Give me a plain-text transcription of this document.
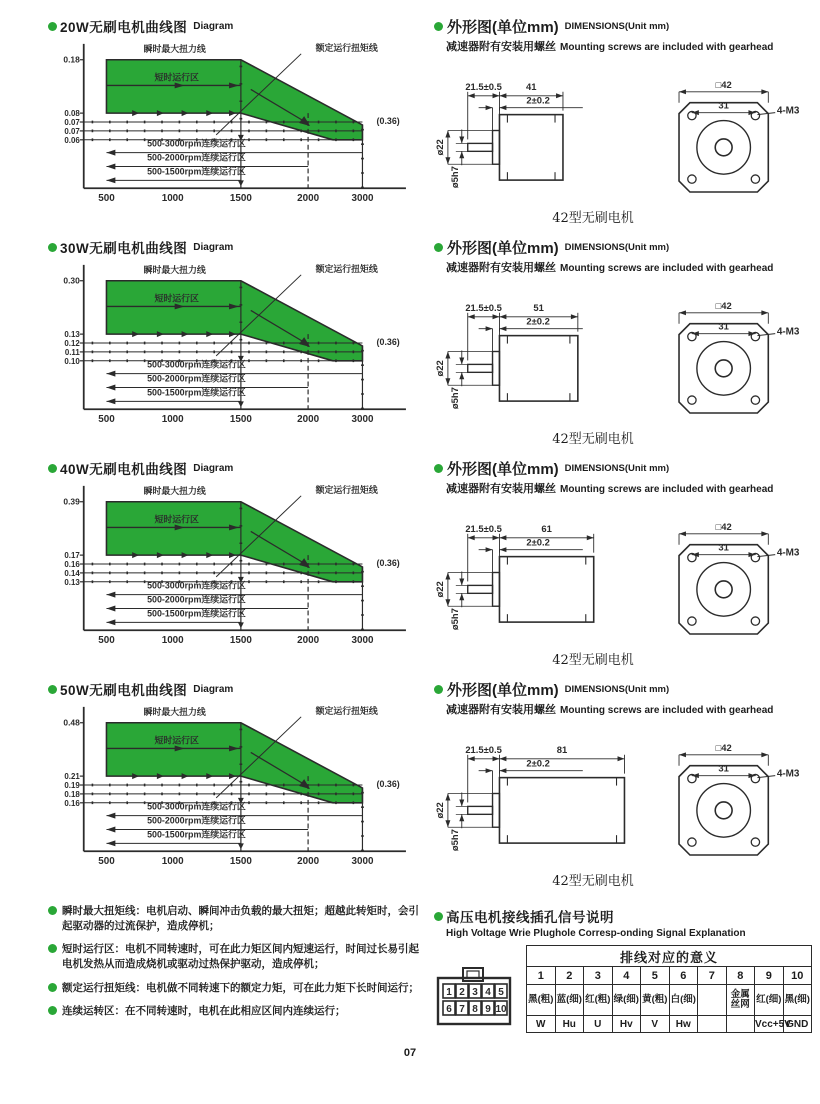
20W无刷电机曲线图 Diagram
瞬时最大扭力线
短时运行区
额定运行扭矩线
(0.36)
500-3000rpm连续运行区
500-2000rpm连续运行区
500-1500rpm连续运行区
500	1000	1500	2000	3000
0.18
0.08
0.07
0.07
0.06
30W无刷电机曲线图 Diagram
瞬时最大扭力线
短时运行区
额定运行扭矩线
(0.36)
500-3000rpm连续运行区
500-2000rpm连续运行区
500-1500rpm连续运行区
500	1000	1500	2000	3000
0.30
0.13
0.12
0.11
0.10
40W无刷电机曲线图 Diagram
瞬时最大扭力线
短时运行区
额定运行扭矩线
(0.36)
500-3000rpm连续运行区
500-2000rpm连续运行区
500-1500rpm连续运行区
500	1000	1500	2000	3000
0.39
0.17
0.16
0.14
0.13
50W无刷电机曲线图 Diagram
瞬时最大扭力线
短时运行区
额定运行扭矩线
(0.36)
500-3000rpm连续运行区
500-2000rpm连续运行区
500-1500rpm连续运行区
500	1000	1500	2000	3000
0.48
0.21
0.19
0.18
0.16
瞬时最大扭矩线：电机启动、瞬间冲击负载的最大扭矩；超越此转矩时，会引起驱动器的过流保护，造成停机；
短时运行区：电机不同转速时，可在此力矩区间内短速运行，时间过长易引起电机发热从而造成烧机或驱动过热保护驱动，造成停机；
额定运行扭矩线：电机做不同转速下的额定力矩，可在此力矩下长时间运行；
连续运转区：在不同转速时，电机在此相应区间内连续运行；
外形图(单位mm) DIMENSIONS(Unit mm)
减速器附有安装用螺丝 Mounting screws are included with gearhead
21.5±0.5	41
2±0.2
ø22
ø5h7
□42
31
4-M3
42型无刷电机
外形图(单位mm) DIMENSIONS(Unit mm)
减速器附有安装用螺丝 Mounting screws are included with gearhead
21.5±0.5	51
2±0.2
ø22
ø5h7
□42
31
4-M3
42型无刷电机
外形图(单位mm) DIMENSIONS(Unit mm)
减速器附有安装用螺丝 Mounting screws are included with gearhead
21.5±0.5	61
2±0.2
ø22
ø5h7
□42
31
4-M3
42型无刷电机
外形图(单位mm) DIMENSIONS(Unit mm)
减速器附有安装用螺丝 Mounting screws are included with gearhead
21.5±0.5	81
2±0.2
ø22
ø5h7
□42
31
4-M3
42型无刷电机
高压电机接线插孔信号说明
High Voltage Wrie Plughole Corresp-onding Signal Explanation
1 2 3 4 5
6 7 8 9 10
排线对应的意义									
1	2	3	4	5	6	7	8	9	10
黑(粗)	蓝(细)	红(粗)	绿(细)	黄(粗)	白(细)		金属丝网	红(细)	黑(细)
W	Hu	U	Hv	V	Hw			Vcc+5V	GND
07
